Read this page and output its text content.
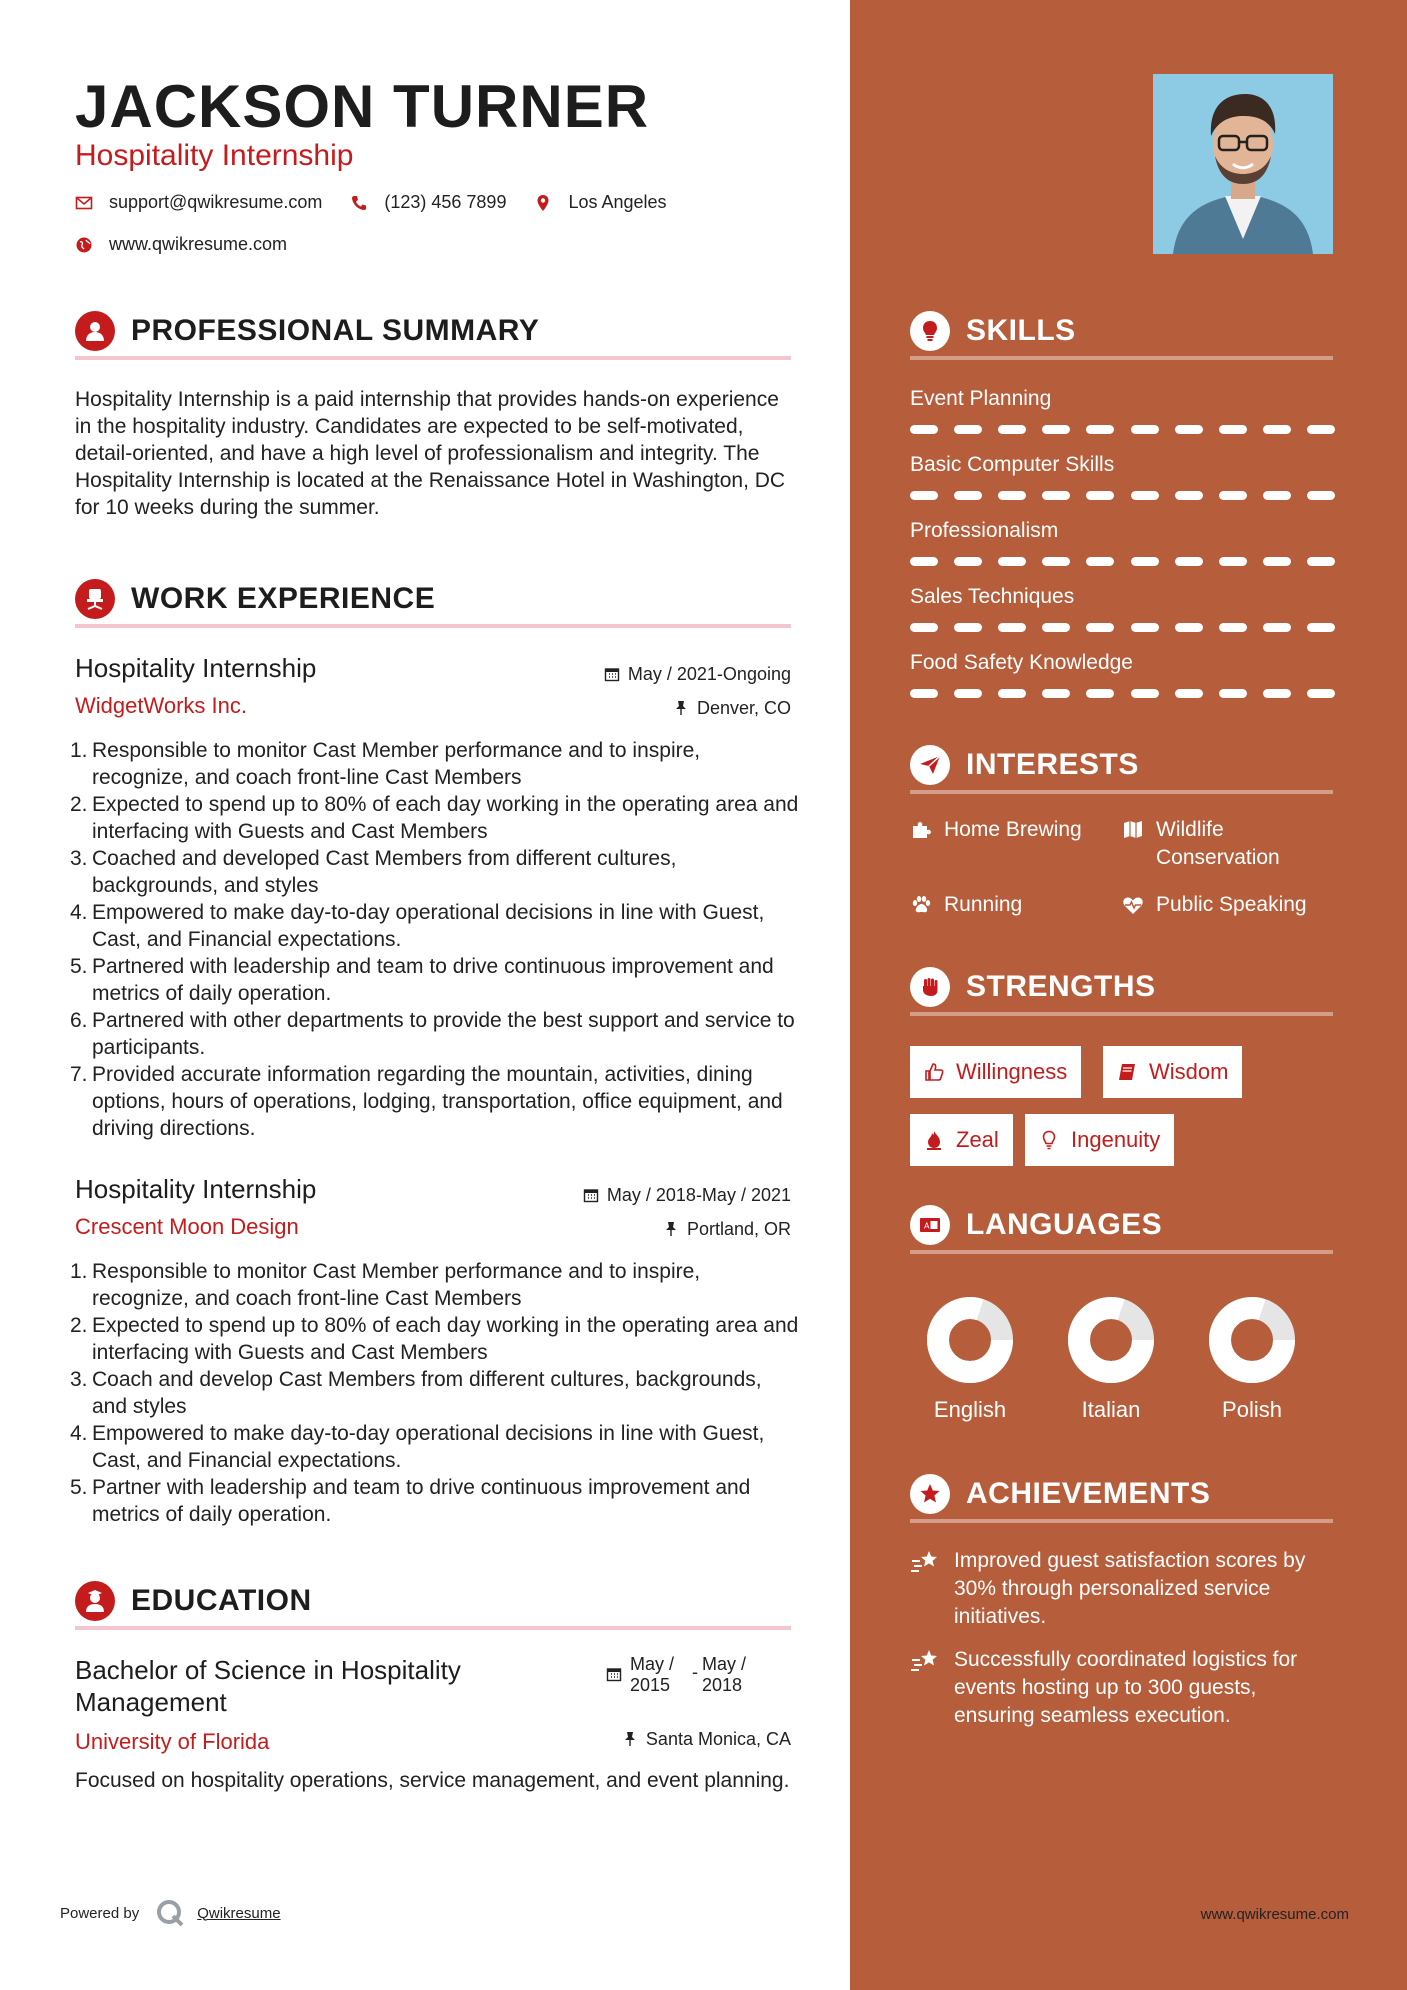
JACKSON TURNER
Hospitality Internship
support@qwikresume.com	(123) 456 7899	Los Angeles
www.qwikresume.com
PROFESSIONAL SUMMARY
Hospitality Internship is a paid internship that provides hands-on experience in the hospitality industry. Candidates are expected to be self-motivated, detail-oriented, and have a high level of professionalism and integrity. The Hospitality Internship is located at the Renaissance Hotel in Washington, DC for 10 weeks during the summer.
WORK EXPERIENCE
Hospitality Internship
WidgetWorks Inc.
May / 2021-Ongoing
Denver, CO
1. Responsible to monitor Cast Member performance and to inspire, recognize, and coach front-line Cast Members
2. Expected to spend up to 80% of each day working in the operating area and interfacing with Guests and Cast Members
3. Coached and developed Cast Members from different cultures, backgrounds, and styles
4. Empowered to make day-to-day operational decisions in line with Guest, Cast, and Financial expectations.
5. Partnered with leadership and team to drive continuous improvement and metrics of daily operation.
6. Partnered with other departments to provide the best support and service to participants.
7. Provided accurate information regarding the mountain, activities, dining options, hours of operations, lodging, transportation, office equipment, and driving directions.
Hospitality Internship
Crescent Moon Design
May / 2018-May / 2021
Portland, OR
1. Responsible to monitor Cast Member performance and to inspire, recognize, and coach front-line Cast Members
2. Expected to spend up to 80% of each day working in the operating area and interfacing with Guests and Cast Members
3. Coach and develop Cast Members from different cultures, backgrounds, and styles
4. Empowered to make day-to-day operational decisions in line with Guest, Cast, and Financial expectations.
5. Partner with leadership and team to drive continuous improvement and metrics of daily operation.
EDUCATION
Bachelor of Science in Hospitality Management
University of Florida
May / 2015
- May / 2018
Santa Monica, CA
Focused on hospitality operations, service management, and event planning.
SKILLS
Event Planning
Basic Computer Skills
Professionalism
Sales Techniques
Food Safety Knowledge
INTERESTS
Home Brewing	Wildlife Conservation
Running	Public Speaking
STRENGTHS
Willingness	Wisdom
Zeal	Ingenuity
A LANGUAGES
English	Italian	Polish
ACHIEVEMENTS
Improved guest satisfaction scores by 30% through personalized service initiatives.
Successfully coordinated logistics for events hosting up to 300 guests, ensuring seamless execution.
Powered by	Qwikresume	www.qwikresume.com
